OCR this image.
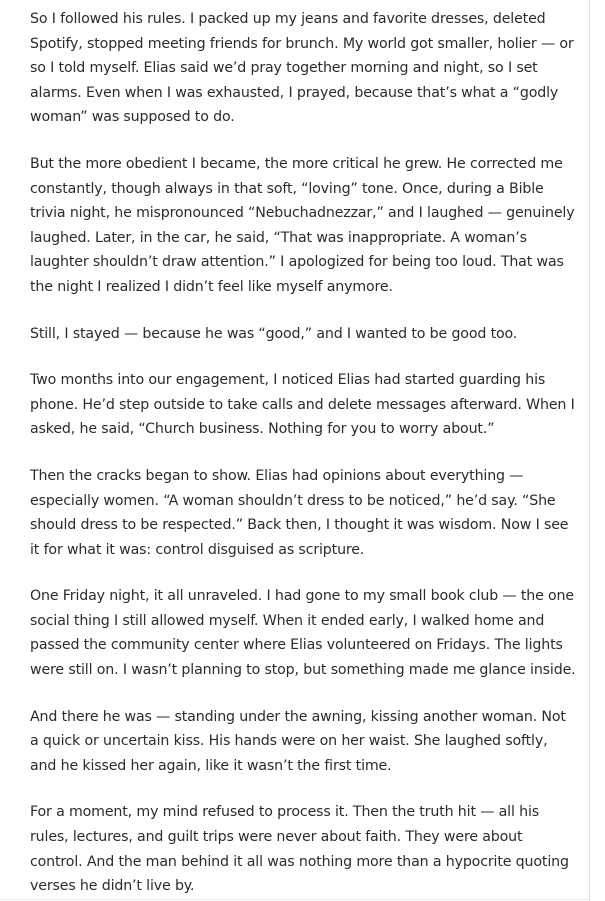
So I followed his rules. I packed up my jeans and favorite dresses, deleted Spotify, stopped meeting friends for brunch. My world got smaller, holier — or so I told myself. Elias said we’d pray together morning and night, so I set alarms. Even when I was exhausted, I prayed, because that’s what a “godly woman” was supposed to do.

But the more obedient I became, the more critical he grew. He corrected me constantly, though always in that soft, “loving” tone. Once, during a Bible trivia night, he mispronounced “Nebuchadnezzar,” and I laughed — genuinely laughed. Later, in the car, he said, “That was inappropriate. A woman’s laughter shouldn’t draw attention.” I apologized for being too loud. That was the night I realized I didn’t feel like myself anymore.

Still, I stayed — because he was “good,” and I wanted to be good too.

Two months into our engagement, I noticed Elias had started guarding his phone. He’d step outside to take calls and delete messages afterward. When I asked, he said, “Church business. Nothing for you to worry about.”

Then the cracks began to show. Elias had opinions about everything — especially women. “A woman shouldn’t dress to be noticed,” he’d say. “She should dress to be respected.” Back then, I thought it was wisdom. Now I see it for what it was: control disguised as scripture.

One Friday night, it all unraveled. I had gone to my small book club — the one social thing I still allowed myself. When it ended early, I walked home and passed the community center where Elias volunteered on Fridays. The lights were still on. I wasn’t planning to stop, but something made me glance inside.

And there he was — standing under the awning, kissing another woman. Not a quick or uncertain kiss. His hands were on her waist. She laughed softly, and he kissed her again, like it wasn’t the first time.

For a moment, my mind refused to process it. Then the truth hit — all his rules, lectures, and guilt trips were never about faith. They were about control. And the man behind it all was nothing more than a hypocrite quoting verses he didn’t live by.
